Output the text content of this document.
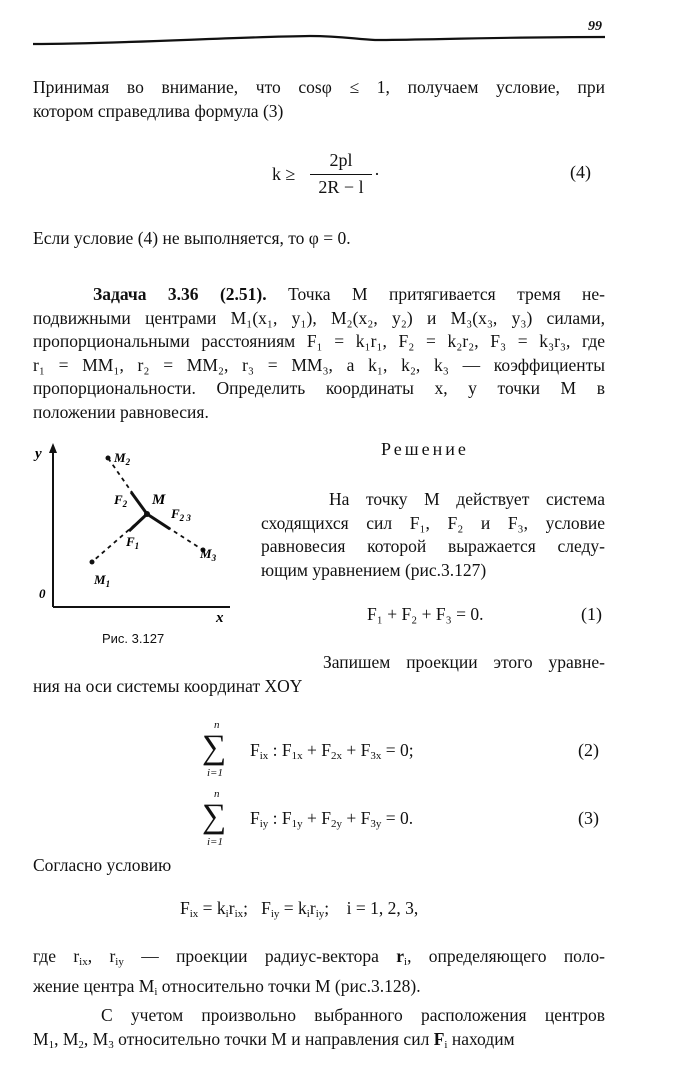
99
Принимая во внимание, что cosφ ≤ 1, получаем условие, при
котором справедлива формула (3)
k ≥
2pl
2R − l
·	(4)
Если условие (4) не выполняется, то φ = 0.
Задача 3.36 (2.51). Точка М притягивается тремя не-
подвижными центрами M₁(x₁, y₁), M₂(x₂, y₂) и M₃(x₃, y₃) силами,
пропорциональными расстояниям F₁ = k₁r₁, F₂ = k₂r₂, F₃ = k₃r₃, где
r₁ = MM₁, r₂ = MM₂, r₃ = MM₃, а k₁, k₂, k₃ — коэффициенты
пропорциональности. Определить координаты x, y точки М в
положении равновесия.
y
x
0
M
$M_2$
$M_1$
$M_3$
$F_2$
$F_1$
$F_{2 3}$
Рис. 3.127
Решение
На точку М действует система
сходящихся сил F₁, F₂ и F₃, условие
равновесия которой выражается следу-
ющим уравнением (рис.3.127)
F₁ + F₂ + F₃ = 0.	(1)
Запишем проекции этого уравне-
ния на оси системы координат XOY
n
∑
i=1
$F_{ix}$ : $F_{1x} + F_{2x} + F_{3x} = 0$;	(2)
n
∑
i=1
$F_{iy}$ : $F_{1y} + F_{2y} + F_{3y} = 0$.	(3)
Согласно условию
$F_{ix} = k_ir_{ix}$;   $F_{iy} = k_ir_{iy}$;    i = 1, 2, 3,
где $r_{ix}$, $r_{iy}$ — проекции радиус-вектора $r_i$, определяющего поло-
жение центра $M_i$ относительно точки М (рис.3.128).
С учетом произвольно выбранного расположения центров
$M_1$, $M_2$, $M_3$ относительно точки М и направления сил $F_i$ находим
